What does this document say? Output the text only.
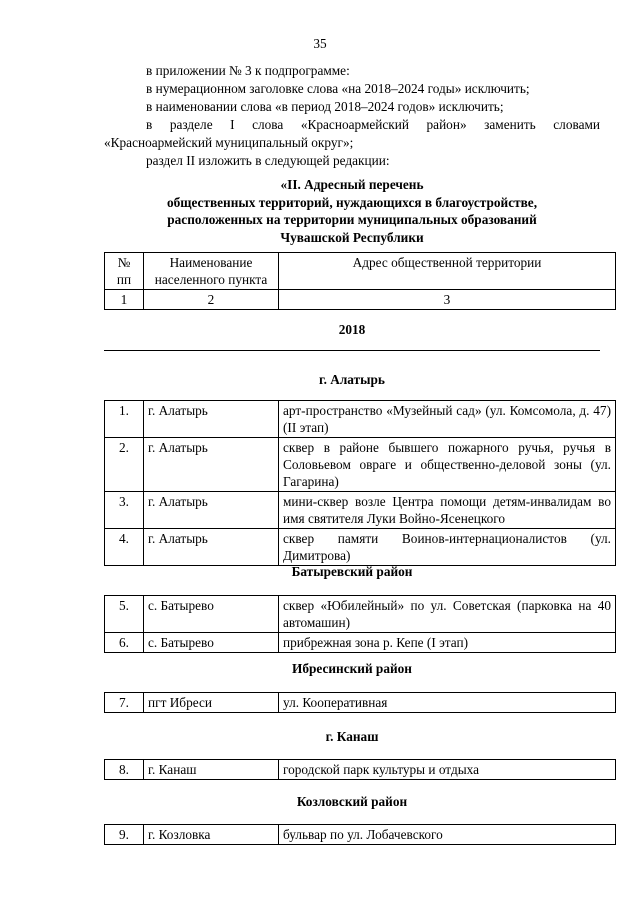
35

в приложении № 3 к подпрограмме:

в нумерационном заголовке слова «на 2018–2024 годы» исключить;

в наименовании слова «в период 2018–2024 годов» исключить;

в разделе I слова «Красноармейский район» заменить словами «Красноармейский муниципальный округ»;

раздел II изложить в следующей редакции:

«II. Адресный перечень
общественных территорий, нуждающихся в благоустройстве,
расположенных на территории муниципальных образований
Чувашской Республики
№ пп	Наименование населенного пункта	Адрес общественной территории
1	2	3
2018
г. Алатырь
1.	г. Алатырь	арт-пространство «Музейный сад» (ул. Комсомола, д. 47) (II этап)
2.	г. Алатырь	сквер в районе бывшего пожарного ручья, ручья в Соловьевом овраге и общественно-деловой зоны (ул. Гагарина)
3.	г. Алатырь	мини-сквер возле Центра помощи детям-инвалидам во имя святителя Луки Войно-Ясенецкого
4.	г. Алатырь	сквер памяти Воинов-интернационалистов (ул. Димитрова)
Батыревский район
5.	с. Батырево	сквер «Юбилейный» по ул. Советская (парковка на 40 автомашин)
6.	с. Батырево	прибрежная зона р. Кепе (I этап)
Ибресинский район
7.	пгт Ибреси	ул. Кооперативная
г. Канаш
8.	г. Канаш	городской парк культуры и отдыха
Козловский район
9.	г. Козловка	бульвар по ул. Лобачевского
